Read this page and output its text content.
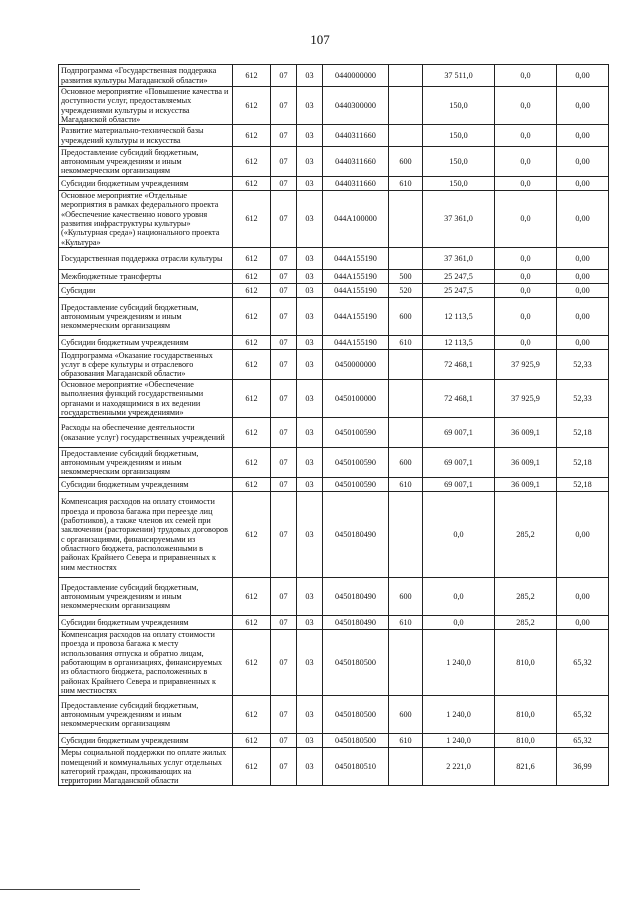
107
Подпрограмма «Государственная поддержка развития культуры Магаданской области»	612	07	03	0440000000		37 511,0	0,0	0,00
Основное мероприятие «Повышение качества и доступности услуг, предоставляемых учреждениями культуры и искусства Магаданской области»	612	07	03	0440300000		150,0	0,0	0,00
Развитие материально-технической базы учреждений культуры и искусства	612	07	03	0440311660		150,0	0,0	0,00
Предоставление субсидий бюджетным, автономным учреждениям и иным некоммерческим организациям	612	07	03	0440311660	600	150,0	0,0	0,00
Субсидии бюджетным учреждениям	612	07	03	0440311660	610	150,0	0,0	0,00
Основное мероприятие «Отдельные мероприятия в рамках федерального проекта «Обеспечение качественно нового уровня развития инфраструктуры культуры» («Культурная среда») национального проекта «Культура»	612	07	03	044A100000		37 361,0	0,0	0,00
Государственная поддержка отрасли культуры	612	07	03	044A155190		37 361,0	0,0	0,00
Межбюджетные трансферты	612	07	03	044A155190	500	25 247,5	0,0	0,00
Субсидии	612	07	03	044A155190	520	25 247,5	0,0	0,00
Предоставление субсидий бюджетным, автономным учреждениям и иным некоммерческим организациям	612	07	03	044A155190	600	12 113,5	0,0	0,00
Субсидии бюджетным учреждениям	612	07	03	044A155190	610	12 113,5	0,0	0,00
Подпрограмма «Оказание государственных услуг в сфере культуры и отраслевого образования Магаданской области»	612	07	03	0450000000		72 468,1	37 925,9	52,33
Основное мероприятие «Обеспечение выполнения функций государственными органами и находящимися в их ведении государственными учреждениями»	612	07	03	0450100000		72 468,1	37 925,9	52,33
Расходы на обеспечение деятельности (оказание услуг) государственных учреждений	612	07	03	0450100590		69 007,1	36 009,1	52,18
Предоставление субсидий бюджетным, автономным учреждениям и иным некоммерческим организациям	612	07	03	0450100590	600	69 007,1	36 009,1	52,18
Субсидии бюджетным учреждениям	612	07	03	0450100590	610	69 007,1	36 009,1	52,18
Компенсация расходов на оплату стоимости проезда и провоза багажа при переезде лиц (работников), а также членов их семей при заключении (расторжении) трудовых договоров с организациями, финансируемыми из областного бюджета, расположенными в районах Крайнего Севера и приравненных к ним местностях	612	07	03	0450180490		0,0	285,2	0,00
Предоставление субсидий бюджетным, автономным учреждениям и иным некоммерческим организациям	612	07	03	0450180490	600	0,0	285,2	0,00
Субсидии бюджетным учреждениям	612	07	03	0450180490	610	0,0	285,2	0,00
Компенсация расходов на оплату стоимости проезда и провоза багажа к месту использования отпуска и обратно лицам, работающим в организациях, финансируемых из областного бюджета, расположенных в районах Крайнего Севера и приравненных к ним местностях	612	07	03	0450180500		1 240,0	810,0	65,32
Предоставление субсидий бюджетным, автономным учреждениям и иным некоммерческим организациям	612	07	03	0450180500	600	1 240,0	810,0	65,32
Субсидии бюджетным учреждениям	612	07	03	0450180500	610	1 240,0	810,0	65,32
Меры социальной поддержки по оплате жилых помещений и коммунальных услуг отдельных категорий граждан, проживающих на территории Магаданской области	612	07	03	0450180510		2 221,0	821,6	36,99
